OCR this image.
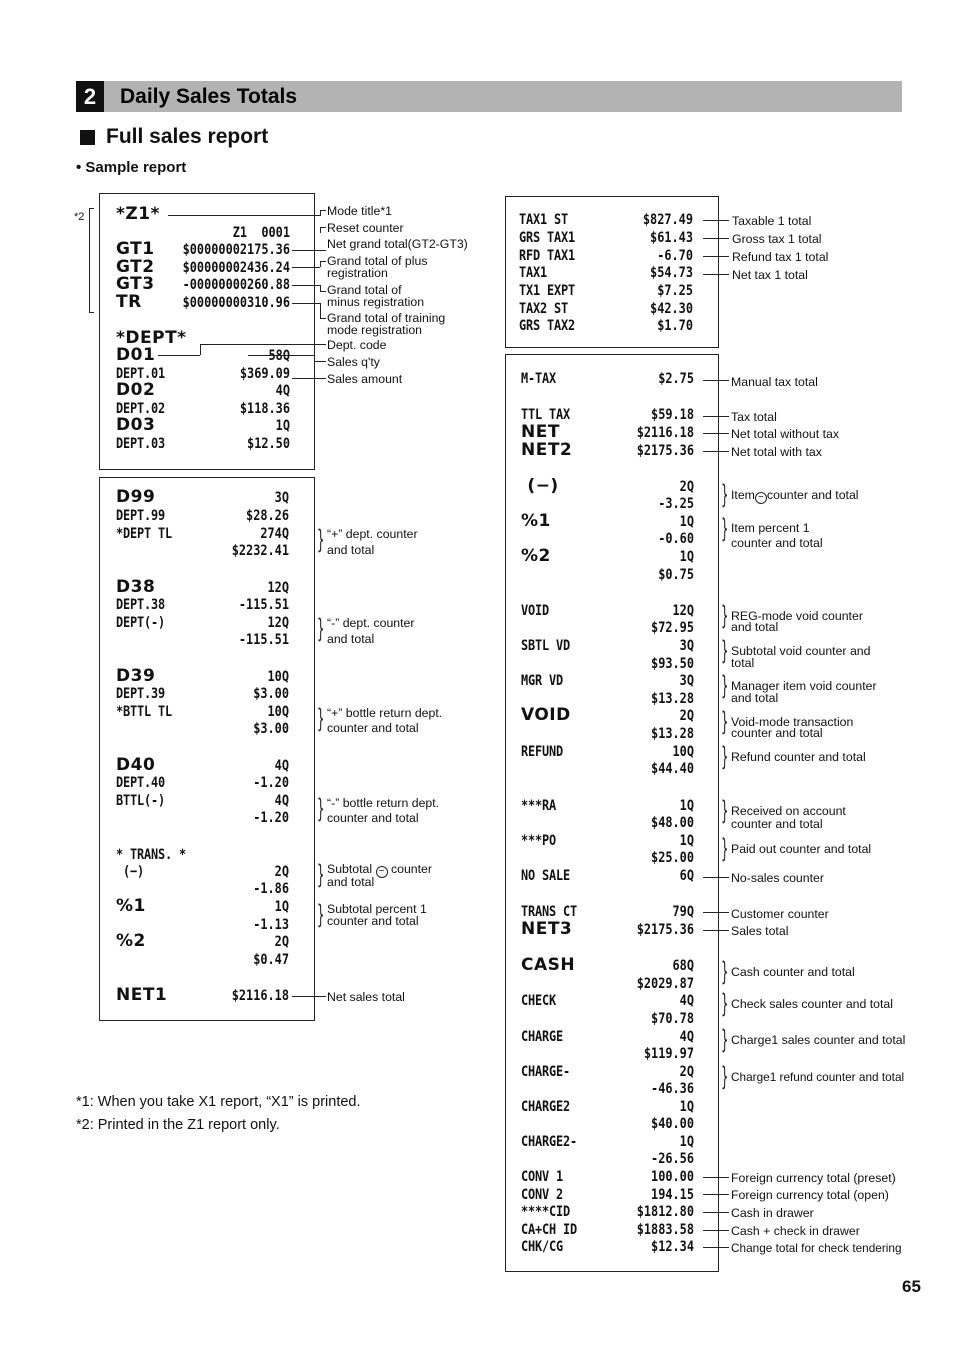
2	Daily Sales Totals
Full sales report
• Sample report
*2 *Z1*
Z1  0001
GT1	$00000002175.36
GT2	$00000002436.24
GT3	-00000000260.88
TR	$00000000310.96
*DEPT*
D01	58Q
DEPT.01	$369.09
D02	4Q
DEPT.02	$118.36
D03	1Q
DEPT.03	$12.50
D99	3Q
DEPT.99	$28.26
*DEPT TL	274Q
$2232.41
D38	12Q
DEPT.38	-115.51
DEPT(-)	12Q
-115.51
D39	10Q
DEPT.39	$3.00
*BTTL TL	10Q
$3.00
D40	4Q
DEPT.40	-1.20
BTTL(-)	4Q
-1.20
* TRANS. *
(−)	2Q
-1.86
%1	1Q
-1.13
%2	2Q
$0.47
NET1	$2116.18
TAX1 ST	$827.49
GRS TAX1	$61.43
RFD TAX1	-6.70
TAX1	$54.73
TX1 EXPT	$7.25
TAX2 ST	$42.30
GRS TAX2	$1.70
M-TAX	$2.75
TTL TAX	$59.18
NET	$2116.18
NET2	$2175.36
(−)	2Q
-3.25
%1	1Q
-0.60
%2	1Q
$0.75
VOID	12Q
$72.95
SBTL VD	3Q
$93.50
MGR VD	3Q
$13.28
VOID	2Q
$13.28
REFUND	10Q
$44.40
***RA	1Q
$48.00
***PO	1Q
$25.00
NO SALE	6Q
TRANS CT	79Q
NET3	$2175.36
CASH	68Q
$2029.87
CHECK	4Q
$70.78
CHARGE	4Q
$119.97
CHARGE-	2Q
-46.36
CHARGE2	1Q
$40.00
CHARGE2-	1Q
-26.56
CONV 1	100.00
CONV 2	194.15
****CID	$1812.80
CA+CH ID	$1883.58
CHK/CG	$12.34
Mode title*1
Reset counter
Net grand total(GT2-GT3)
Grand total of plus
registration
Grand total of
minus registration
Grand total of training
mode registration
Dept. code
Sales q'ty
Sales amount
} “+” dept. counter
and total
} “-” dept. counter
and total
} “+” bottle return dept.
counter and total
} “-” bottle return dept.
counter and total
} Subtotal − counter
and total
} Subtotal percent 1
counter and total
Net sales total
Taxable 1 total
Gross tax 1 total
Refund tax 1 total
Net tax 1 total
Manual tax total
Tax total
Net total without tax
Net total with tax
} Item − counter and total
} Item percent 1
counter and total
} REG-mode void counter
and total
} Subtotal void counter and
total
} Manager item void counter
and total
} Void-mode transaction
counter and total
} Refund counter and total
} Received on account
counter and total
} Paid out counter and total
No-sales counter
Customer counter
Sales total
} Cash counter and total
} Check sales counter and total
} Charge1 sales counter and total
} Charge1 refund counter and total
Foreign currency total (preset)
Foreign currency total (open)
Cash in drawer
Cash + check in drawer
Change total for check tendering
*1: When you take X1 report, “X1” is printed.
*2: Printed in the Z1 report only.
65
